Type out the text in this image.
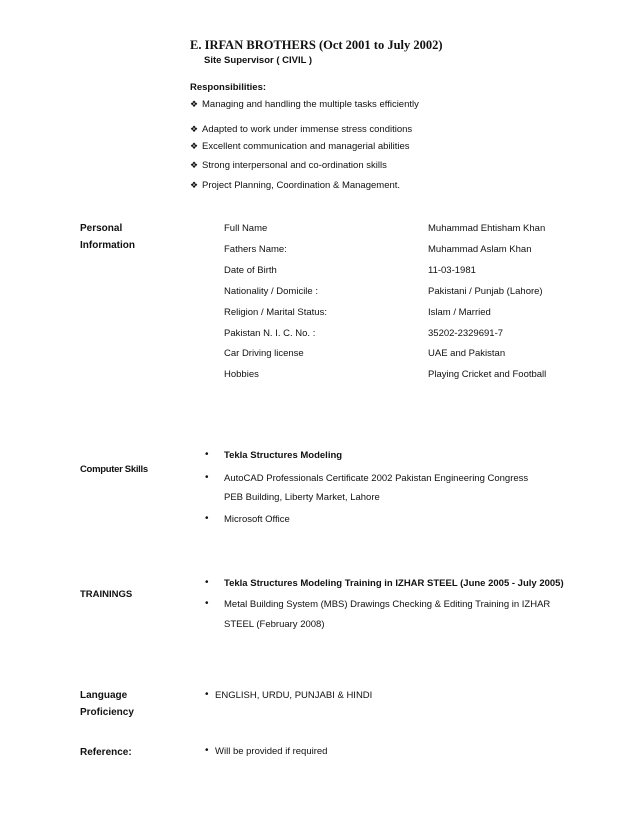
E. IRFAN BROTHERS (Oct 2001 to July 2002)
Site Supervisor ( CIVIL )
Responsibilities:
❖ Managing and handling the multiple tasks efficiently
❖ Adapted to work under immense stress conditions
❖ Excellent communication and managerial abilities
❖ Strong interpersonal and co-ordination skills
❖ Project Planning, Coordination & Management.
Personal
Information
Full Name	Muhammad Ehtisham Khan
Fathers Name:	Muhammad Aslam Khan
Date of Birth	11-03-1981
Nationality / Domicile :	Pakistani / Punjab (Lahore)
Religion / Marital Status:	Islam / Married
Pakistan N. I. C. No. :	35202-2329691-7
Car Driving license	UAE and Pakistan
Hobbies	Playing Cricket and Football
Computer Skills
• Tekla Structures Modeling
• AutoCAD Professionals Certificate 2002 Pakistan Engineering Congress
PEB Building, Liberty Market, Lahore
• Microsoft Office
TRAININGS
• Tekla Structures Modeling Training in IZHAR STEEL (June 2005 - July 2005)
• Metal Building System (MBS) Drawings Checking & Editing Training in IZHAR
STEEL (February 2008)
Language
Proficiency
• ENGLISH, URDU, PUNJABI & HINDI
Reference:	• Will be provided if required
